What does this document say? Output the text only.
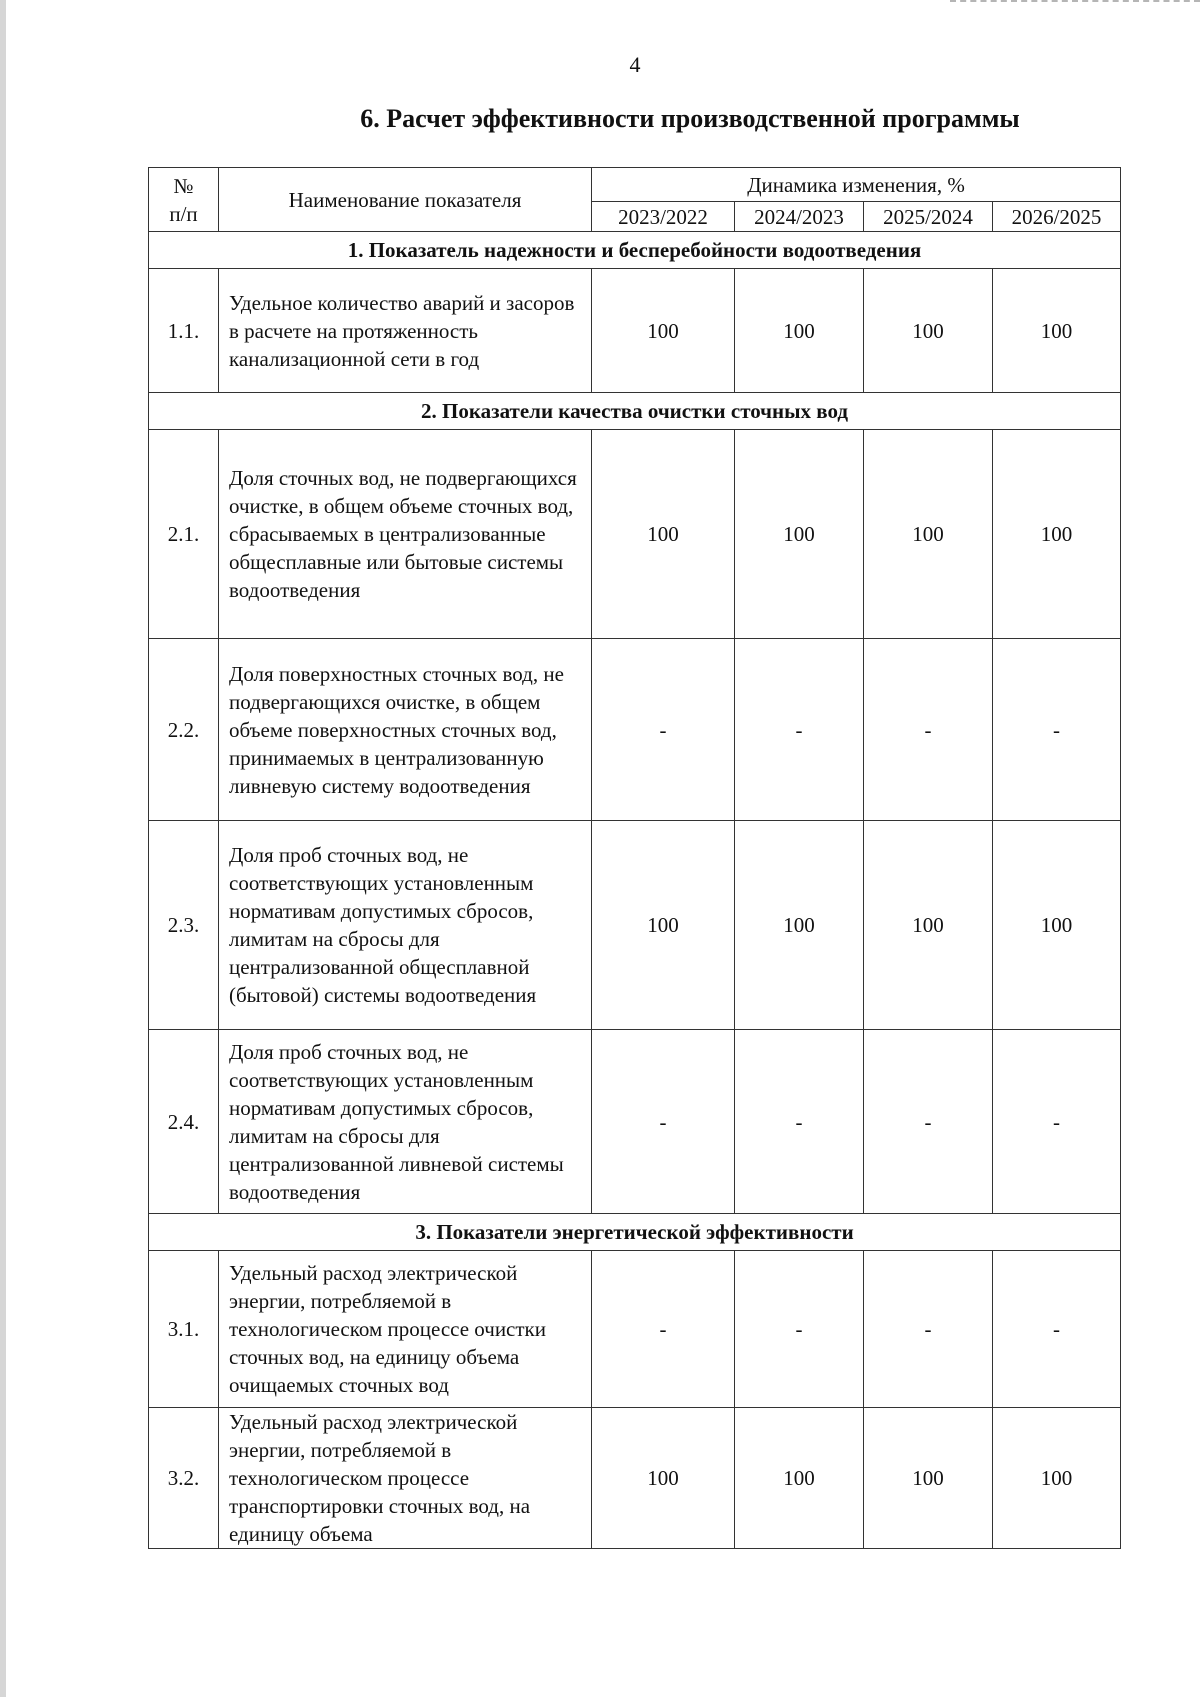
4
6. Расчет эффективности производственной программы
№
п/п	Наименование показателя	Динамика изменения, %			
		2023/2022	2024/2023	2025/2024	2026/2025
1. Показатель надежности и бесперебойности водоотведения					
1.1.	Удельное количество аварий и засоров в расчете на протяженность канализационной сети в год	100	100	100	100
2. Показатели качества очистки сточных вод					
2.1.	Доля сточных вод, не подвергающихся очистке, в общем объеме сточных вод, сбрасываемых в централизованные общесплавные или бытовые системы водоотведения	100	100	100	100
2.2.	Доля поверхностных сточных вод, не подвергающихся очистке, в общем объеме поверхностных сточных вод, принимаемых в централизованную ливневую систему водоотведения	-	-	-	-
2.3.	Доля проб сточных вод, не соответствующих установленным нормативам допустимых сбросов, лимитам на сбросы для централизованной общесплавной (бытовой) системы водоотведения	100	100	100	100
2.4.	Доля проб сточных вод, не соответствующих установленным нормативам допустимых сбросов, лимитам на сбросы для централизованной ливневой системы водоотведения	-	-	-	-
3. Показатели энергетической эффективности					
3.1.	Удельный расход электрической энергии, потребляемой в технологическом процессе очистки сточных вод, на единицу объема очищаемых сточных вод	-	-	-	-
3.2.	Удельный расход электрической энергии, потребляемой в технологическом процессе транспортировки сточных вод, на единицу объема	100	100	100	100
